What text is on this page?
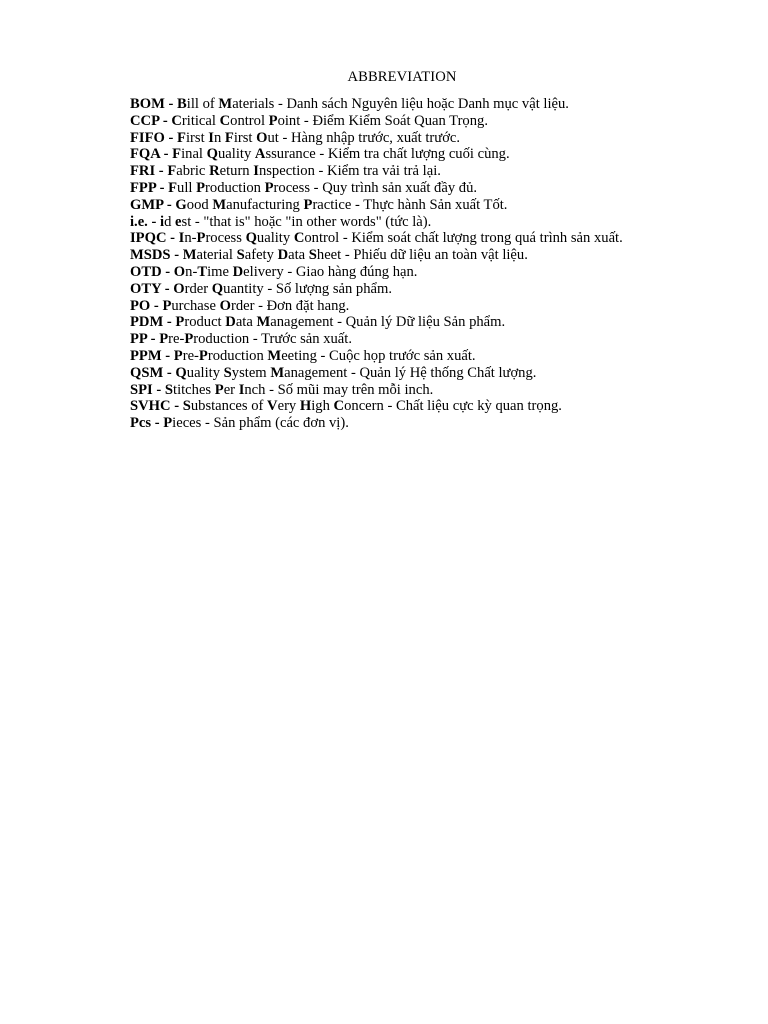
ABBREVIATION
BOM - Bill of Materials - Danh sách Nguyên liệu hoặc Danh mục vật liệu.
CCP - Critical Control Point - Điểm Kiểm Soát Quan Trọng.
FIFO - First In First Out - Hàng nhập trước, xuất trước.
FQA - Final Quality Assurance - Kiểm tra chất lượng cuối cùng.
FRI - Fabric Return Inspection - Kiểm tra vải trả lại.
FPP - Full Production Process - Quy trình sản xuất đầy đủ.
GMP - Good Manufacturing Practice - Thực hành Sản xuất Tốt.
i.e. - id est - "that is" hoặc "in other words" (tức là).
IPQC - In-Process Quality Control - Kiểm soát chất lượng trong quá trình sản xuất.
MSDS - Material Safety Data Sheet - Phiếu dữ liệu an toàn vật liệu.
OTD - On-Time Delivery - Giao hàng đúng hạn.
OTY - Order Quantity - Số lượng sản phẩm.
PO - Purchase Order - Đơn đặt hang.
PDM - Product Data Management - Quản lý Dữ liệu Sản phẩm.
PP - Pre-Production - Trước sản xuất.
PPM - Pre-Production Meeting - Cuộc họp trước sản xuất.
QSM - Quality System Management - Quản lý Hệ thống Chất lượng.
SPI - Stitches Per Inch - Số mũi may trên mỗi inch.
SVHC - Substances of Very High Concern - Chất liệu cực kỳ quan trọng.
Pcs - Pieces - Sản phẩm (các đơn vị).
